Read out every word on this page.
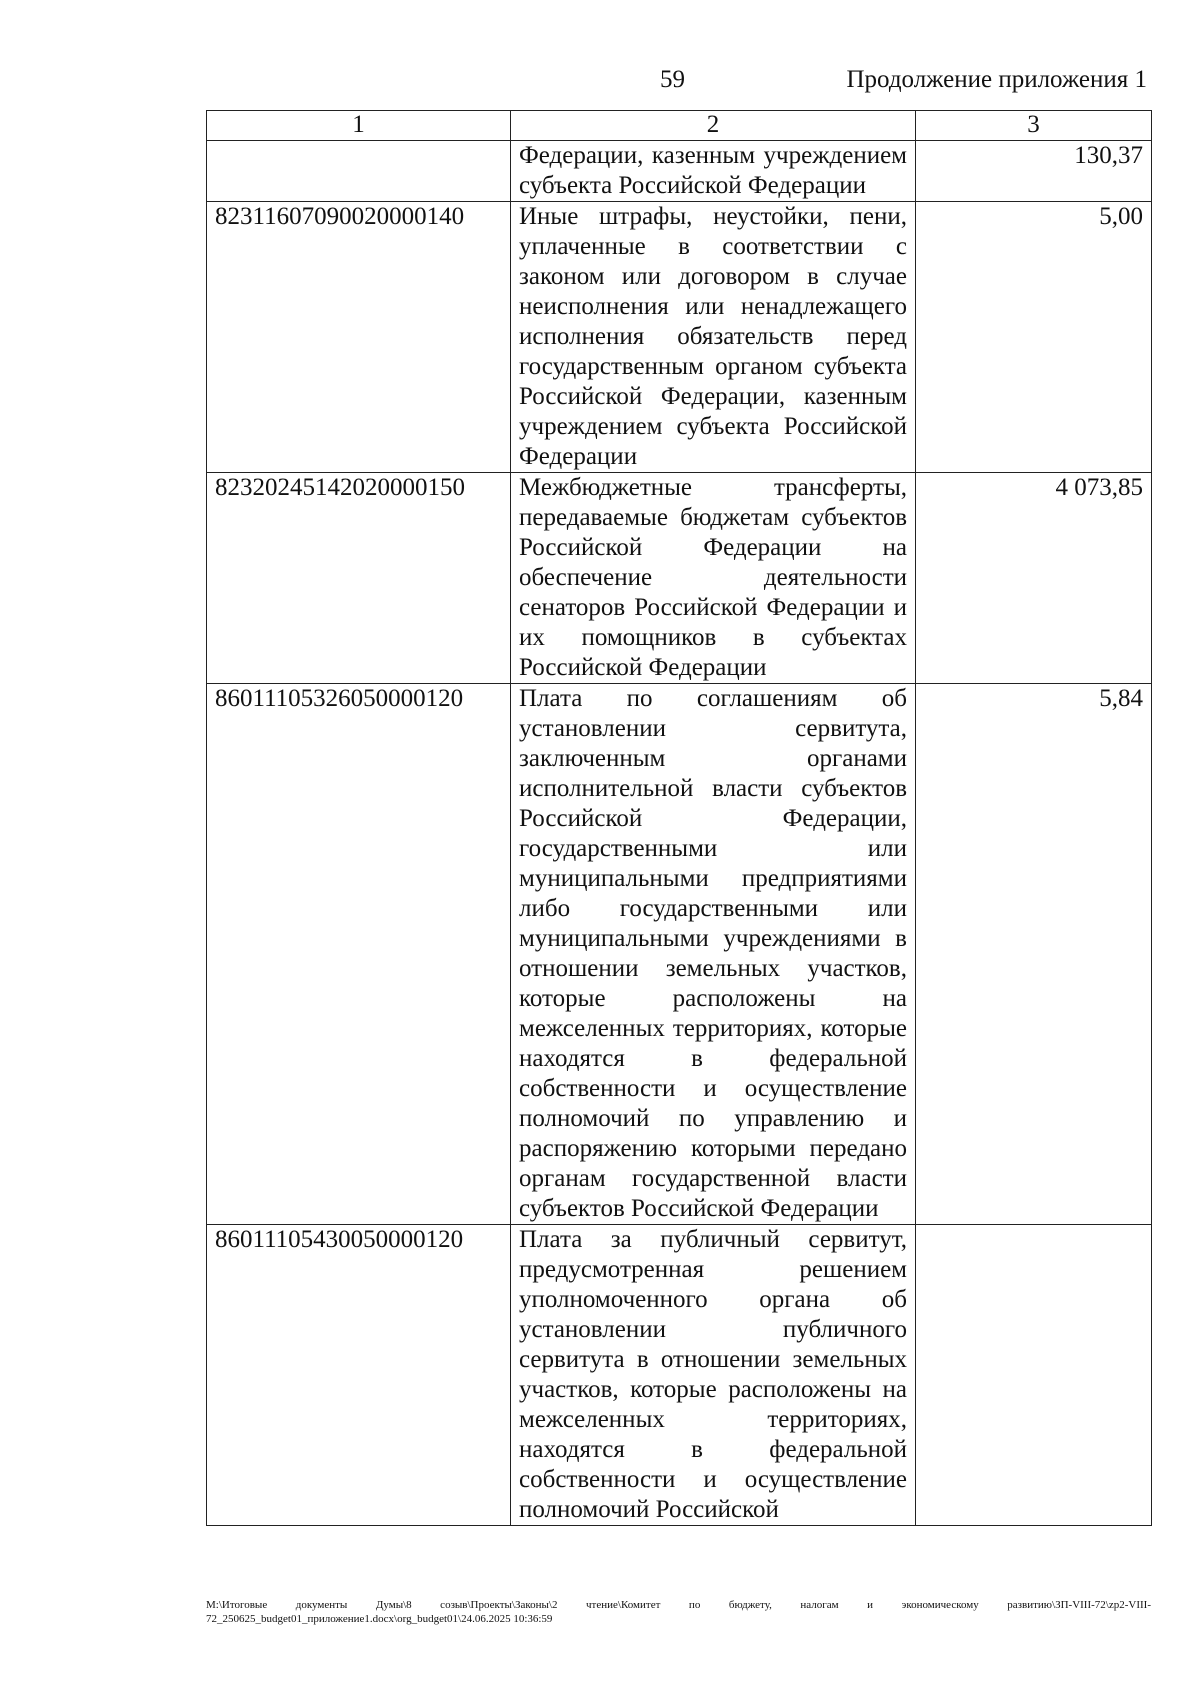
59	Продолжение приложения 1
1	2	3
	Федерации, казенным учреждением субъекта Российской Федерации	130,37
82311607090020000140	Иные штрафы, неустойки, пени, уплаченные в соответствии с законом или договором в случае неисполнения или ненадлежащего исполнения обязательств перед государственным органом субъекта Российской Федерации, казенным учреждением субъекта Российской Федерации	5,00
82320245142020000150	Межбюджетные трансферты, передаваемые бюджетам субъектов Российской Федерации на обеспечение деятельности сенаторов Российской Федерации и их помощников в субъектах Российской Федерации	4 073,85
86011105326050000120	Плата по соглашениям об установлении сервитута, заключенным органами исполнительной власти субъектов Российской Федерации, государственными или муниципальными предприятиями либо государственными или муниципальными учреждениями в отношении земельных участков, которые расположены на межселенных территориях, которые находятся в федеральной собственности и осуществление полномочий по управлению и распоряжению которыми передано органам государственной власти субъектов Российской Федерации	5,84
86011105430050000120	Плата за публичный сервитут, предусмотренная решением уполномоченного органа об установлении публичного сервитута в отношении земельных участков, которые расположены на межселенных территориях, находятся в федеральной собственности и осуществление полномочий Российской	
М:\Итоговые документы Думы\8 созыв\Проекты\Законы\2 чтение\Комитет по бюджету, налогам и экономическому развитию\ЗП-VIII-72\zp2-VIII-72_250625_budget01_приложение1.docx\org_budget01\24.06.2025 10:36:59
